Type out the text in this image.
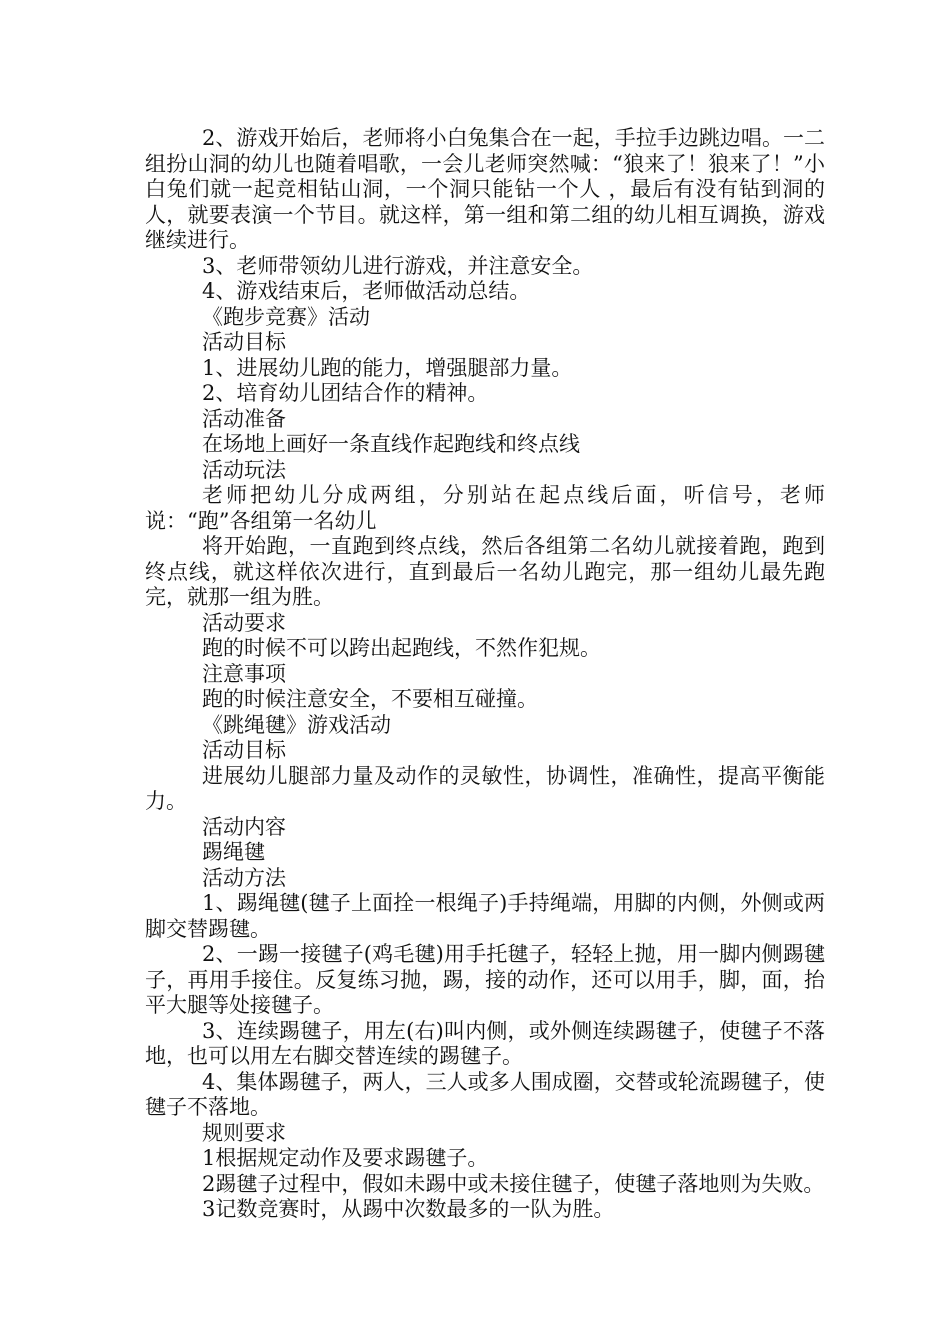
2、游戏开始后，老师将小白兔集合在一起，手拉手边跳边唱。一二组扮山洞的幼儿也随着唱歌，一会儿老师突然喊：“狼来了！狼来了！”小白兔们就一起竞相钻山洞，一个洞只能钻一个人 ，最后有没有钻到洞的人，就要表演一个节目。就这样，第一组和第二组的幼儿相互调换，游戏继续进行。

3、老师带领幼儿进行游戏，并注意安全。

4、游戏结束后，老师做活动总结。

《跑步竞赛》活动

活动目标

1、进展幼儿跑的能力，增强腿部力量。

2、培育幼儿团结合作的精神。

活动准备

在场地上画好一条直线作起跑线和终点线

活动玩法

老师把幼儿分成两组，分别站在起点线后面，听信号，老师说：“跑”各组第一名幼儿

将开始跑，一直跑到终点线，然后各组第二名幼儿就接着跑，跑到终点线，就这样依次进行，直到最后一名幼儿跑完，那一组幼儿最先跑完，就那一组为胜。

活动要求

跑的时候不可以跨出起跑线，不然作犯规。

注意事项

跑的时候注意安全，不要相互碰撞。

《跳绳毽》游戏活动

活动目标

进展幼儿腿部力量及动作的灵敏性，协调性，准确性，提高平衡能力。

活动内容

踢绳毽

活动方法

1、踢绳毽(毽子上面拴一根绳子)手持绳端，用脚的内侧，外侧或两脚交替踢毽。

2、一踢一接毽子(鸡毛毽)用手托毽子，轻轻上抛，用一脚内侧踢毽子，再用手接住。反复练习抛，踢，接的动作，还可以用手，脚，面，抬平大腿等处接毽子。

3、连续踢毽子，用左(右)叫内侧，或外侧连续踢毽子，使毽子不落地，也可以用左右脚交替连续的踢毽子。

4、集体踢毽子，两人，三人或多人围成圈，交替或轮流踢毽子，使毽子不落地。

规则要求

1根据规定动作及要求踢毽子。

2踢毽子过程中，假如未踢中或未接住毽子，使毽子落地则为失败。

3记数竞赛时，从踢中次数最多的一队为胜。
